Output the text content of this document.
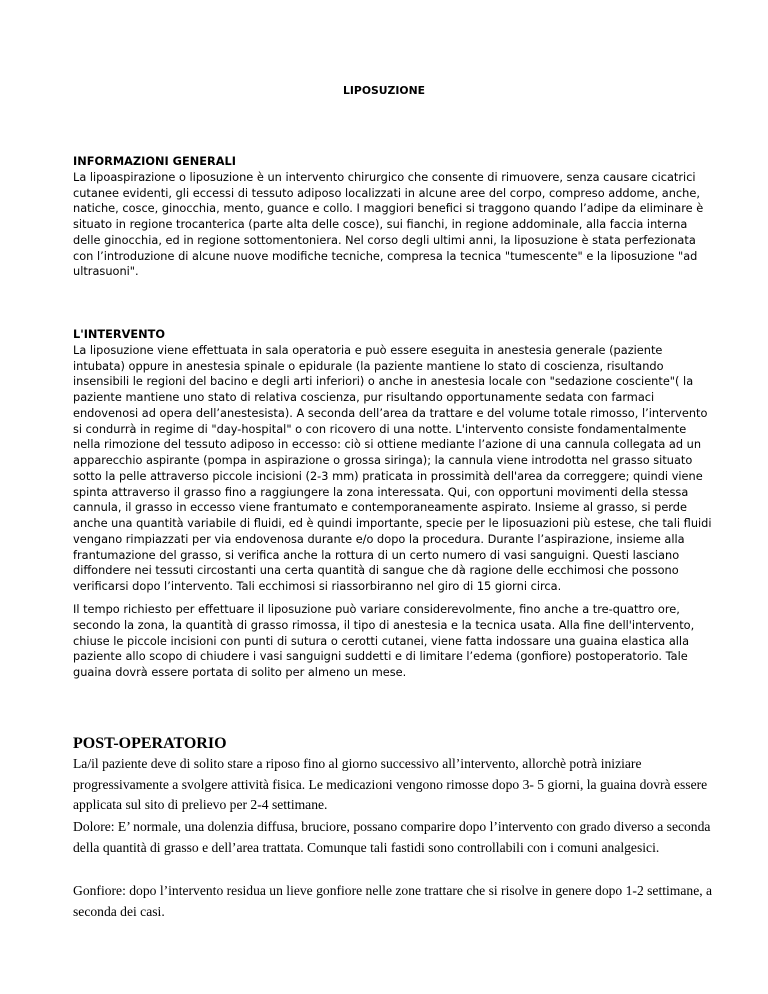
LIPOSUZIONE
INFORMAZIONI GENERALI

La lipoaspirazione o liposuzione è un intervento chirurgico che consente di rimuovere, senza causare cicatrici cutanee evidenti, gli eccessi di tessuto adiposo localizzati in alcune aree del corpo, compreso addome, anche, natiche, cosce, ginocchia, mento, guance e collo. I maggiori benefici si traggono quando l’adipe da eliminare è situato in regione trocanterica (parte alta delle cosce), sui fianchi, in regione addominale, alla faccia interna delle ginocchia, ed in regione sottomentoniera. Nel corso degli ultimi anni, la liposuzione è stata perfezionata con l’introduzione di alcune nuove modifiche tecniche, compresa la tecnica "tumescente" e la liposuzione "ad ultrasuoni".

L'INTERVENTO

La liposuzione viene effettuata in sala operatoria e può essere eseguita in anestesia generale (paziente intubata) oppure in anestesia spinale o epidurale (la paziente mantiene lo stato di coscienza, risultando insensibili le regioni del bacino e degli arti inferiori) o anche in anestesia locale con "sedazione cosciente"( la paziente mantiene uno stato di relativa coscienza, pur risultando opportunamente sedata con farmaci endovenosi ad opera dell’anestesista). A seconda dell’area da trattare e del volume totale rimosso, l’intervento si condurrà in regime di "day-hospital" o con ricovero di una notte. L'intervento consiste fondamentalmente nella rimozione del tessuto adiposo in eccesso: ciò si ottiene mediante l’azione di una cannula collegata ad un apparecchio aspirante (pompa in aspirazione o grossa siringa); la cannula viene introdotta nel grasso situato sotto la pelle attraverso piccole incisioni (2-3 mm) praticata in prossimità dell'area da correggere; quindi viene spinta attraverso il grasso fino a raggiungere la zona interessata. Qui, con opportuni movimenti della stessa cannula, il grasso in eccesso viene frantumato e contemporaneamente aspirato. Insieme al grasso, si perde anche una quantità variabile di fluidi, ed è quindi importante, specie per le liposuazioni più estese, che tali fluidi vengano rimpiazzati per via endovenosa durante e/o dopo la procedura. Durante l’aspirazione, insieme alla frantumazione del grasso, si verifica anche la rottura di un certo numero di vasi sanguigni. Questi lasciano diffondere nei tessuti circostanti una certa quantità di sangue che dà ragione delle ecchimosi che possono verificarsi dopo l’intervento. Tali ecchimosi si riassorbiranno nel giro di 15 giorni circa.

Il tempo richiesto per effettuare il liposuzione può variare considerevolmente, fino anche a tre-quattro ore, secondo la zona, la quantità di grasso rimossa, il tipo di anestesia e la tecnica usata. Alla fine dell'intervento, chiuse le piccole incisioni con punti di sutura o cerotti cutanei, viene fatta indossare una guaina elastica alla paziente allo scopo di chiudere i vasi sanguigni suddetti e di limitare l’edema (gonfiore) postoperatorio. Tale guaina dovrà essere portata di solito per almeno un mese.

POST-OPERATORIO

La/il paziente deve di solito stare a riposo fino al giorno successivo all’intervento, allorchè potrà iniziare progressivamente a svolgere attività fisica. Le medicazioni vengono rimosse dopo 3- 5 giorni, la guaina dovrà essere applicata sul sito di prelievo per 2-4 settimane.

Dolore: E’ normale, una dolenzia diffusa, bruciore, possano comparire dopo l’intervento con grado diverso a seconda della quantità di grasso e dell’area trattata. Comunque tali fastidi sono controllabili con i comuni analgesici.

Gonfiore: dopo l’intervento residua un lieve gonfiore nelle zone trattare che si risolve in genere dopo 1-2 settimane, a seconda dei casi.
